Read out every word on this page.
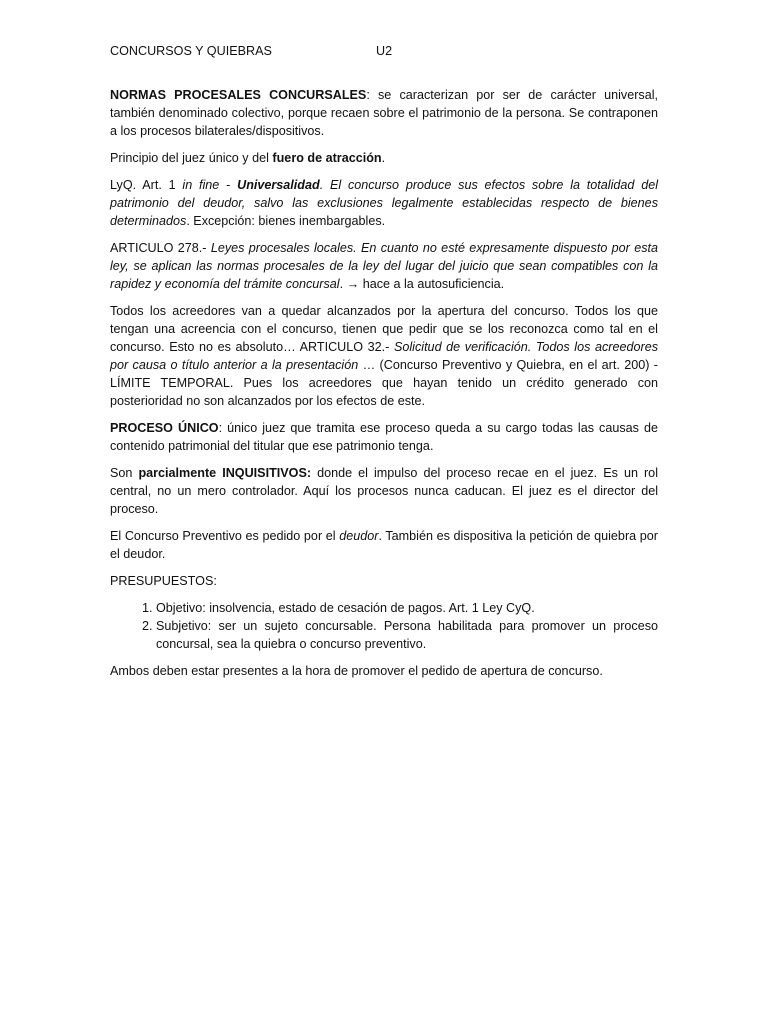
CONCURSOS Y QUIEBRAS	U2

NORMAS PROCESALES CONCURSALES: se caracterizan por ser de carácter universal, también denominado colectivo, porque recaen sobre el patrimonio de la persona. Se contraponen a los procesos bilaterales/dispositivos.

Principio del juez único y del fuero de atracción.

LyQ. Art. 1 in fine - Universalidad. El concurso produce sus efectos sobre la totalidad del patrimonio del deudor, salvo las exclusiones legalmente establecidas respecto de bienes determinados. Excepción: bienes inembargables.

ARTICULO 278.- Leyes procesales locales. En cuanto no esté expresamente dispuesto por esta ley, se aplican las normas procesales de la ley del lugar del juicio que sean compatibles con la rapidez y economía del trámite concursal. → hace a la autosuficiencia.

Todos los acreedores van a quedar alcanzados por la apertura del concurso. Todos los que tengan una acreencia con el concurso, tienen que pedir que se los reconozca como tal en el concurso. Esto no es absoluto… ARTICULO 32.- Solicitud de verificación. Todos los acreedores por causa o título anterior a la presentación … (Concurso Preventivo y Quiebra, en el art. 200) - LÍMITE TEMPORAL. Pues los acreedores que hayan tenido un crédito generado con posterioridad no son alcanzados por los efectos de este.

PROCESO ÚNICO: único juez que tramita ese proceso queda a su cargo todas las causas de contenido patrimonial del titular que ese patrimonio tenga.

Son parcialmente INQUISITIVOS: donde el impulso del proceso recae en el juez. Es un rol central, no un mero controlador. Aquí los procesos nunca caducan. El juez es el director del proceso.

El Concurso Preventivo es pedido por el deudor. También es dispositiva la petición de quiebra por el deudor.

PRESUPUESTOS:

1. Objetivo: insolvencia, estado de cesación de pagos. Art. 1 Ley CyQ.
2. Subjetivo: ser un sujeto concursable. Persona habilitada para promover un proceso concursal, sea la quiebra o concurso preventivo.

Ambos deben estar presentes a la hora de promover el pedido de apertura de concurso.
